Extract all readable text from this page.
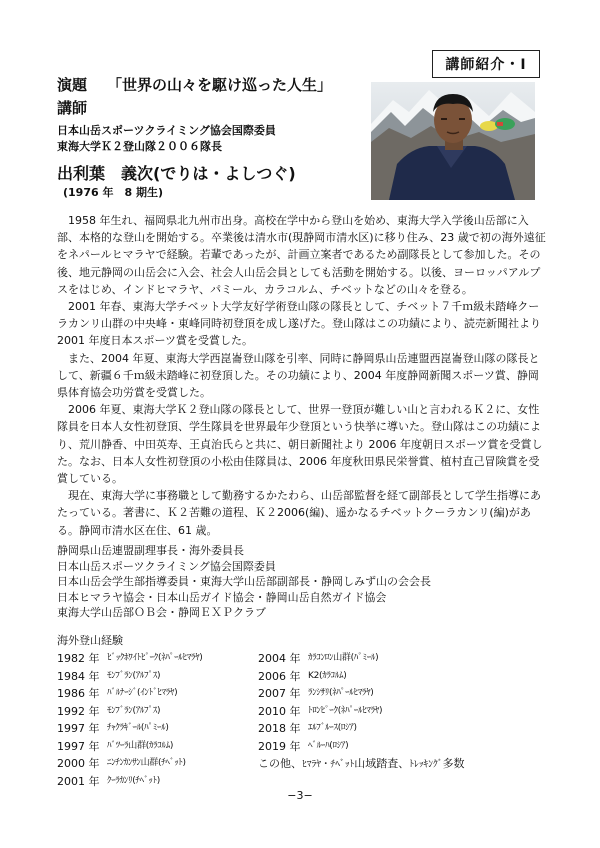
講師紹介・Ⅰ
演題 「世界の山々を駆け巡った人生」
講師
日本山岳スポーツクライミング協会国際委員
東海大学Ｋ２登山隊２００６隊長
出利葉　義次(でりは・よしつぐ)
(1976 年　8 期生)

1958 年生れ、福岡県北九州市出身。高校在学中から登山を始め、東海大学入学後山岳部に入部、本格的な登山を開始する。卒業後は清水市(現静岡市清水区)に移り住み、23 歳で初の海外遠征をネパールヒマラヤで経験。若輩であったが、計画立案者であるため副隊長として参加した。その後、地元静岡の山岳会に入会、社会人山岳会員としても活動を開始する。以後、ヨーロッパアルプスをはじめ、インドヒマラヤ、パミール、カラコルム、チベットなどの山々を登る。

2001 年春、東海大学チベット大学友好学術登山隊の隊長として、チベット７千ｍ級未踏峰クーラカンリ山群の中央峰・東峰同時初登頂を成し遂げた。登山隊はこの功績により、読売新聞社より 2001 年度日本スポーツ賞を受賞した。

また、2004 年夏、東海大学西崑崙登山隊を引率、同時に静岡県山岳連盟西崑崙登山隊の隊長として、新疆６千ｍ級未踏峰に初登頂した。その功績により、2004 年度静岡新聞スポーツ賞、静岡県体育協会功労賞を受賞した。

2006 年夏、東海大学Ｋ２登山隊の隊長として、世界一登頂が難しい山と言われるＫ２に、女性隊員を日本人女性初登頂、学生隊員を世界最年少登頂という快挙に導いた。登山隊はこの功績により、荒川静香、中田英寿、王貞治氏らと共に、朝日新聞社より 2006 年度朝日スポーツ賞を受賞した。なお、日本人女性初登頂の小松由佳隊員は、2006 年度秋田県民栄誉賞、植村直己冒険賞を受賞している。

現在、東海大学に事務職として勤務するかたわら、山岳部監督を経て副部長として学生指導にあたっている。著書に、Ｋ２苦難の道程、Ｋ２2006(編)、遥かなるチベットクーラカンリ(編)がある。静岡市清水区在住、61 歳。

静岡県山岳連盟副理事長・海外委員長
日本山岳スポーツクライミング協会国際委員
日本山岳会学生部指導委員・東海大学山岳部副部長・静岡しみず山の会会長
日本ヒマラヤ協会・日本山岳ガイド協会・静岡山岳自然ガイド協会
東海大学山岳部ＯＢ会・静岡ＥＸＰクラブ
海外登山経験
1982 年 ﾋﾞｯｸﾎﾜｲﾄﾋﾟｰｸ(ﾈﾊﾟｰﾙﾋﾏﾗﾔ)
1984 年 ﾓﾝﾌﾞﾗﾝ(ｱﾙﾌﾟｽ)
1986 年 ﾊﾞﾙﾅｰｼﾞ(ｲﾝﾄﾞﾋﾏﾗﾔ)
1992 年 ﾓﾝﾌﾞﾗﾝ(ｱﾙﾌﾟｽ)
1997 年 ﾁｬｸﾗｷﾞｰﾙ(ﾊﾟﾐｰﾙ)
1997 年 ﾊﾞﾂｰﾗ山群(ｶﾗｺﾙﾑ)
2000 年 ﾆﾝﾁﾝｶﾝｻﾝ山群(ﾁﾍﾞｯﾄ)
2001 年 ｸｰﾗｶﾝﾘ(ﾁﾍﾞｯﾄ)
2004 年 ｶﾗｺﾝﾛﾝ山群(ﾊﾟﾐｰﾙ)
2006 年 K2(ｶﾗｺﾙﾑ)
2007 年 ﾗﾝｼｻﾘ(ﾈﾊﾟｰﾙﾋﾏﾗﾔ)
2010 年 ﾄﾛﾝﾋﾟｰｸ(ﾈﾊﾟｰﾙﾋﾏﾗﾔ)
2018 年 ｴﾙﾌﾞﾙｰｽ(ﾛｼｱ)
2019 年 ﾍﾞﾙｰﾊ(ﾛｼｱ)
この他、ﾋﾏﾗﾔ・ﾁﾍﾞｯﾄ山域踏査、ﾄﾚｯｷﾝｸﾞ多数
−3−
